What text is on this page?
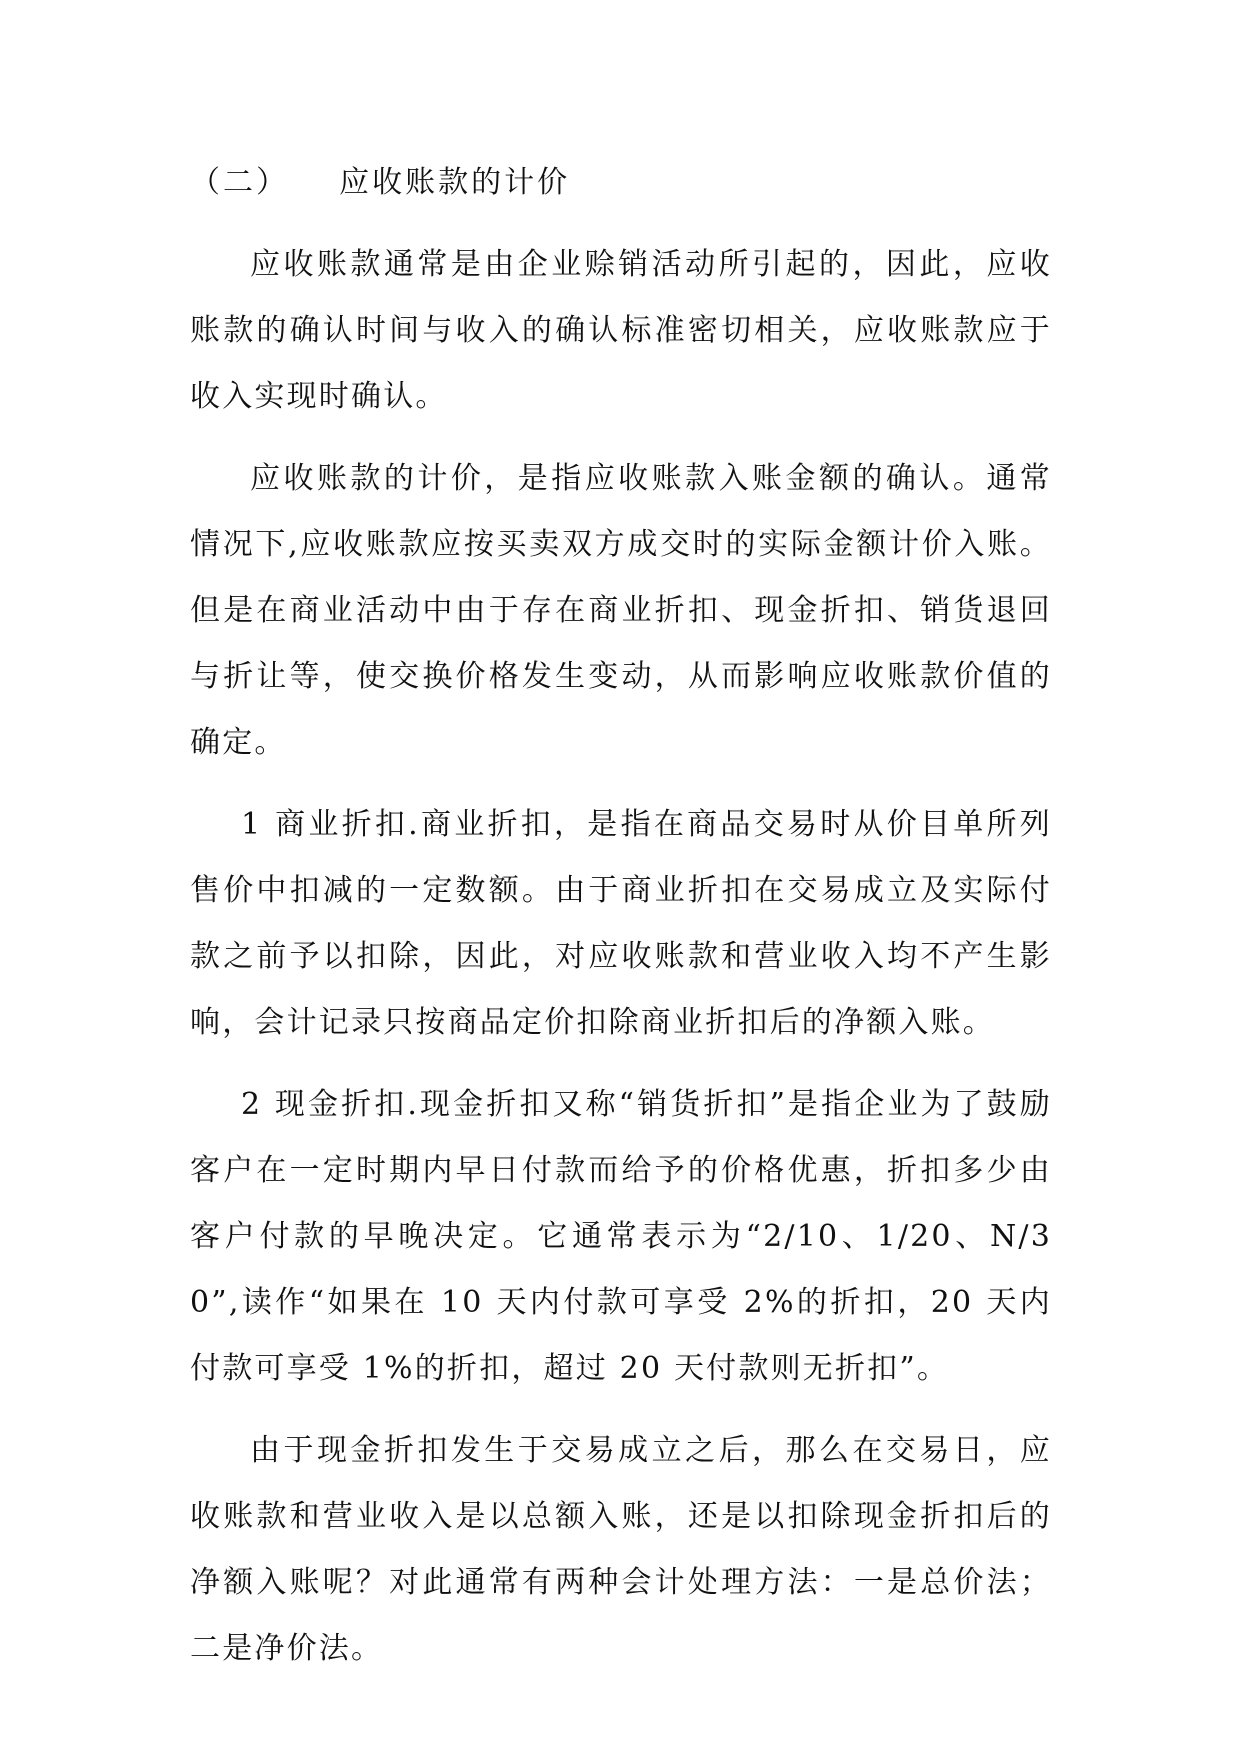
（二）    应收账款的计价

应收账款通常是由企业赊销活动所引起的，因此，应收账款的确认时间与收入的确认标准密切相关，应收账款应于收入实现时确认。

应收账款的计价，是指应收账款入账金额的确认。通常情况下,应收账款应按买卖双方成交时的实际金额计价入账。但是在商业活动中由于存在商业折扣、现金折扣、销货退回与折让等，使交换价格发生变动，从而影响应收账款价值的确定。

1 商业折扣.商业折扣，是指在商品交易时从价目单所列售价中扣减的一定数额。由于商业折扣在交易成立及实际付款之前予以扣除，因此，对应收账款和营业收入均不产生影响，会计记录只按商品定价扣除商业折扣后的净额入账。

2 现金折扣.现金折扣又称“销货折扣”是指企业为了鼓励客户在一定时期内早日付款而给予的价格优惠，折扣多少由客户付款的早晚决定。它通常表示为“2/10、1/20、N/30”,读作“如果在 10 天内付款可享受 2%的折扣，20 天内付款可享受 1%的折扣，超过 20 天付款则无折扣”。

由于现金折扣发生于交易成立之后，那么在交易日，应收账款和营业收入是以总额入账，还是以扣除现金折扣后的净额入账呢？对此通常有两种会计处理方法：一是总价法；二是净价法。
